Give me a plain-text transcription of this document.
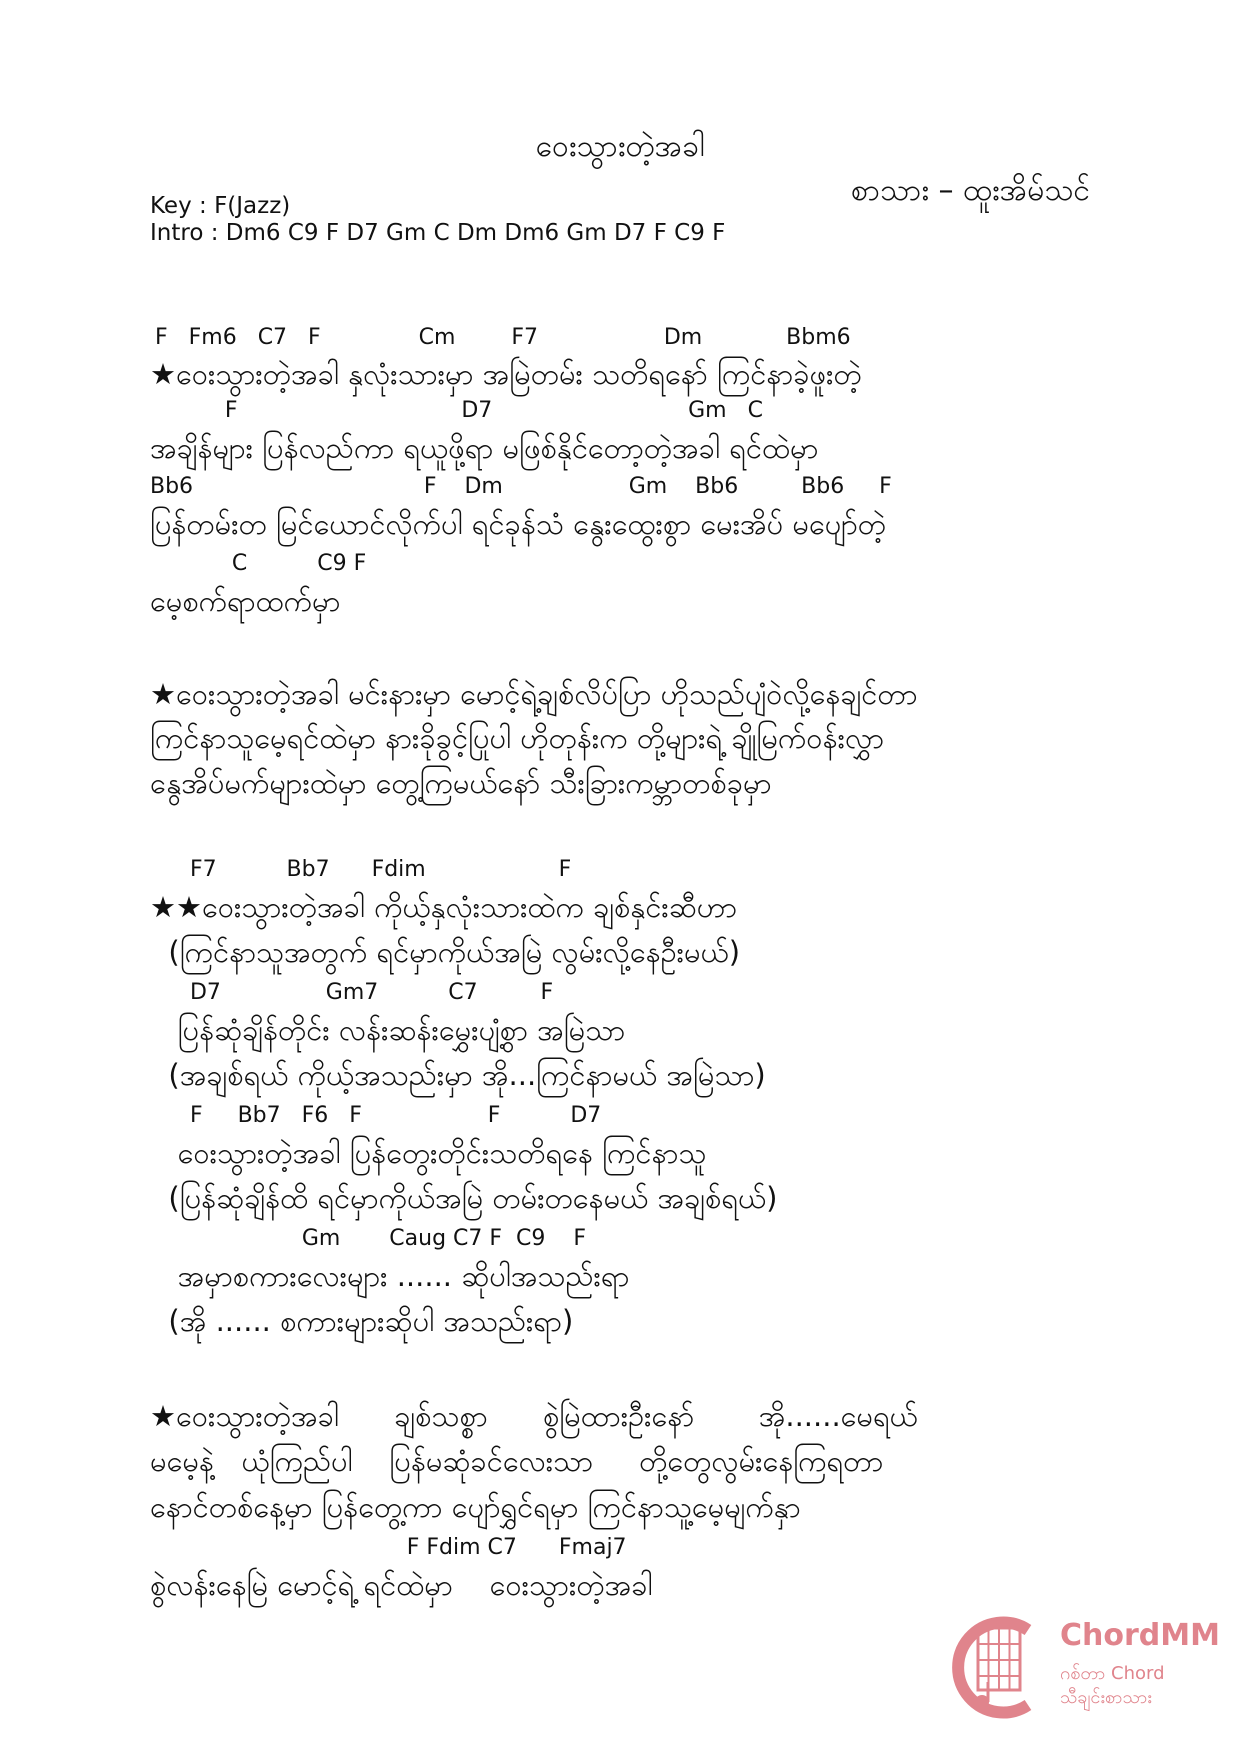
ဝေးသွားတဲ့အခါ
စာသား – ထူးအိမ်သင်
Key : F(Jazz)
Intro : Dm6 C9 F D7 Gm C Dm Dm6 Gm D7 F C9 F
F   Fm6   C7   F              Cm        F7                  Dm            Bbm6
★ဝေးသွားတဲ့အခါ နှလုံးသားမှာ အမြဲတမ်း သတိရနော် ကြင်နာခဲ့ဖူးတဲ့
F                                D7                            Gm   C
အချိန်များ ပြန်လည်ကာ ရယူဖို့ရာ မဖြစ်နိုင်တော့တဲ့အခါ ရင်ထဲမှာ
Bb6                                 F    Dm                  Gm    Bb6         Bb6     F
ပြန်တမ်းတ မြင်ယောင်လိုက်ပါ ရင်ခုန်သံ နွေးထွေးစွာ မေးအိပ် မပျော်တဲ့
C          C9 F
မေ့စက်ရာထက်မှာ
★ဝေးသွားတဲ့အခါ မင်းနားမှာ မောင့်ရဲ့ချစ်လိပ်ပြာ ဟိုသည်ပျံဝဲလို့နေချင်တာ
ကြင်နာသူမေ့ရင်ထဲမှာ နားခိုခွင့်ပြုပါ ဟိုတုန်းက တို့များရဲ့ ချိုမြက်ဝန်းလွှာ
နွေအိပ်မက်များထဲမှာ တွေ့ကြမယ်နော် သီးခြားကမ္ဘာတစ်ခုမှာ
F7          Bb7      Fdim                   F
★★ဝေးသွားတဲ့အခါ ကိုယ့်နှလုံးသားထဲက ချစ်နှင်းဆီဟာ
(ကြင်နာသူအတွက် ရင်မှာကိုယ်အမြဲ လွမ်းလို့နေဦးမယ်)
D7               Gm7          C7         F
ပြန်ဆုံချိန်တိုင်း လန်းဆန်းမွှေးပျံ့စွာ အမြဲသာ
(အချစ်ရယ် ကိုယ့်အသည်းမှာ အို...ကြင်နာမယ် အမြဲသာ)
F     Bb7   F6   F                  F          D7
ဝေးသွားတဲ့အခါ ပြန်တွေးတိုင်းသတိရနေ ကြင်နာသူ
(ပြန်ဆုံချိန်ထိ ရင်မှာကိုယ်အမြဲ တမ်းတနေမယ် အချစ်ရယ်)
Gm       Caug C7 F  C9    F
အမှာစကားလေးများ ...... ဆိုပါအသည်းရာ
(အို ...... စကားများဆိုပါ အသည်းရာ)
★ဝေးသွားတဲ့အခါ      ချစ်သစ္စာ      စွဲမြဲထားဦးနော်       အို......မေရယ်
မမေ့နဲ့   ယုံကြည်ပါ    ပြန်မဆုံခင်လေးသာ     တို့တွေလွမ်းနေကြရတာ
နောင်တစ်နေ့မှာ ပြန်တွေ့ကာ ပျော်ရွှင်ရမှာ ကြင်နာသူ့မေ့မျက်နှာ
F Fdim C7      Fmaj7
စွဲလန်းနေမြဲ မောင့်ရဲ့ ရင်ထဲမှာ    ဝေးသွားတဲ့အခါ
ChordMM
ဂစ်တာ Chord
သီချင်းစာသား
